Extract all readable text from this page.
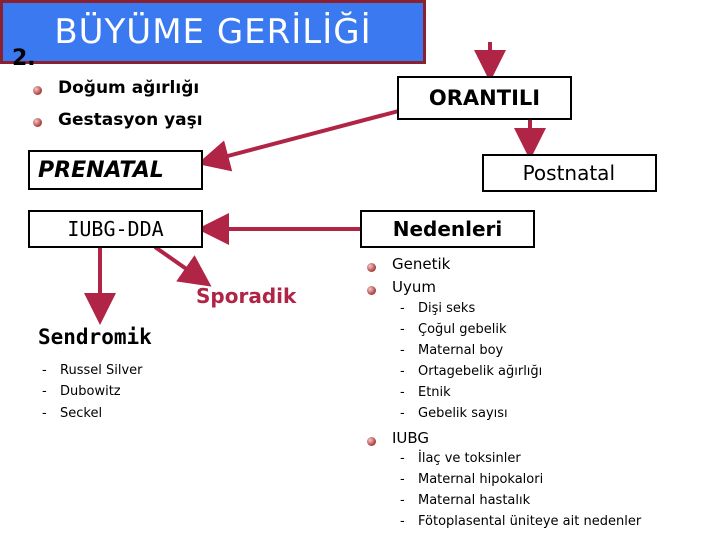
2.
BÜYÜME GERİLİĞİ
Doğum ağırlığı
Gestasyon yaşı
ORANTILI
PRENATAL	Postnatal
IUBG-DDA	Nedenleri
Sporadik
Sendromik
- Russel Silver
- Dubowitz
- Seckel
Genetik
Uyum
- Dişi seks
- Çoğul gebelik
- Maternal boy
- Ortagebelik ağırlığı
- Etnik
- Gebelik sayısı
IUBG
- İlaç ve toksinler
- Maternal hipokalori
- Maternal hastalık
- Fötoplasental üniteye ait nedenler
